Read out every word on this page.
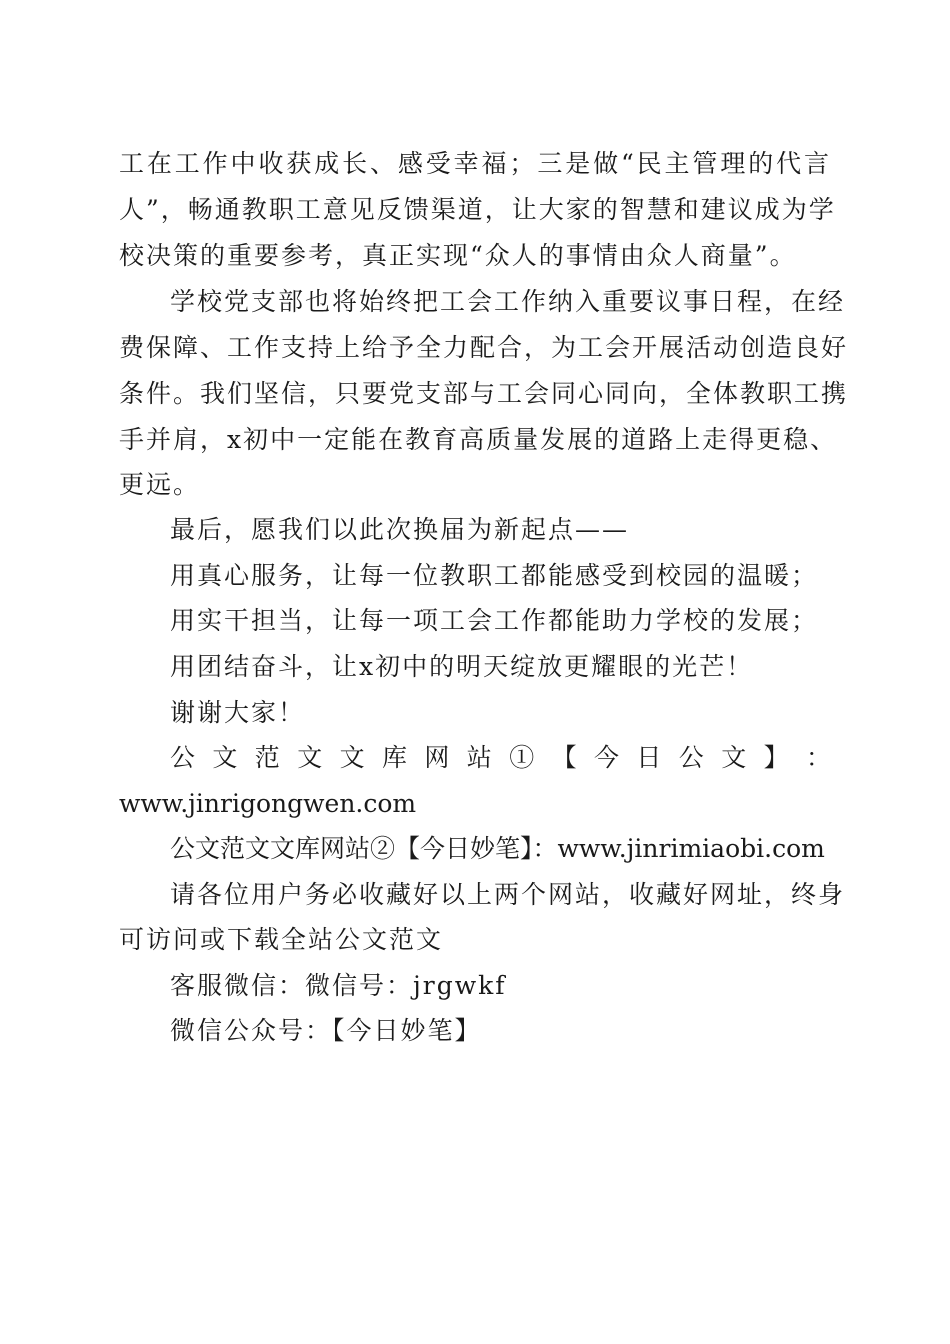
工在工作中收获成长、感受幸福；三是做“民主管理的代言
人”，畅通教职工意见反馈渠道，让大家的智慧和建议成为学
校决策的重要参考，真正实现“众人的事情由众人商量”。
学校党支部也将始终把工会工作纳入重要议事日程，在经
费保障、工作支持上给予全力配合，为工会开展活动创造良好
条件。我们坚信，只要党支部与工会同心同向，全体教职工携
手并肩，x初中一定能在教育高质量发展的道路上走得更稳、
更远。
最后，愿我们以此次换届为新起点——
用真心服务，让每一位教职工都能感受到校园的温暖；
用实干担当，让每一项工会工作都能助力学校的发展；
用团结奋斗，让x初中的明天绽放更耀眼的光芒！
谢谢大家！
公 文 范 文 文 库 网 站 ① 【 今 日 公 文 】 ：
www.jinrigongwen.com
公文范文文库网站②【今日妙笔】：www.jinrimiaobi.com
请各位用户务必收藏好以上两个网站，收藏好网址，终身
可访问或下载全站公文范文
客服微信：微信号：jrgwkf
微信公众号：【今日妙笔】
